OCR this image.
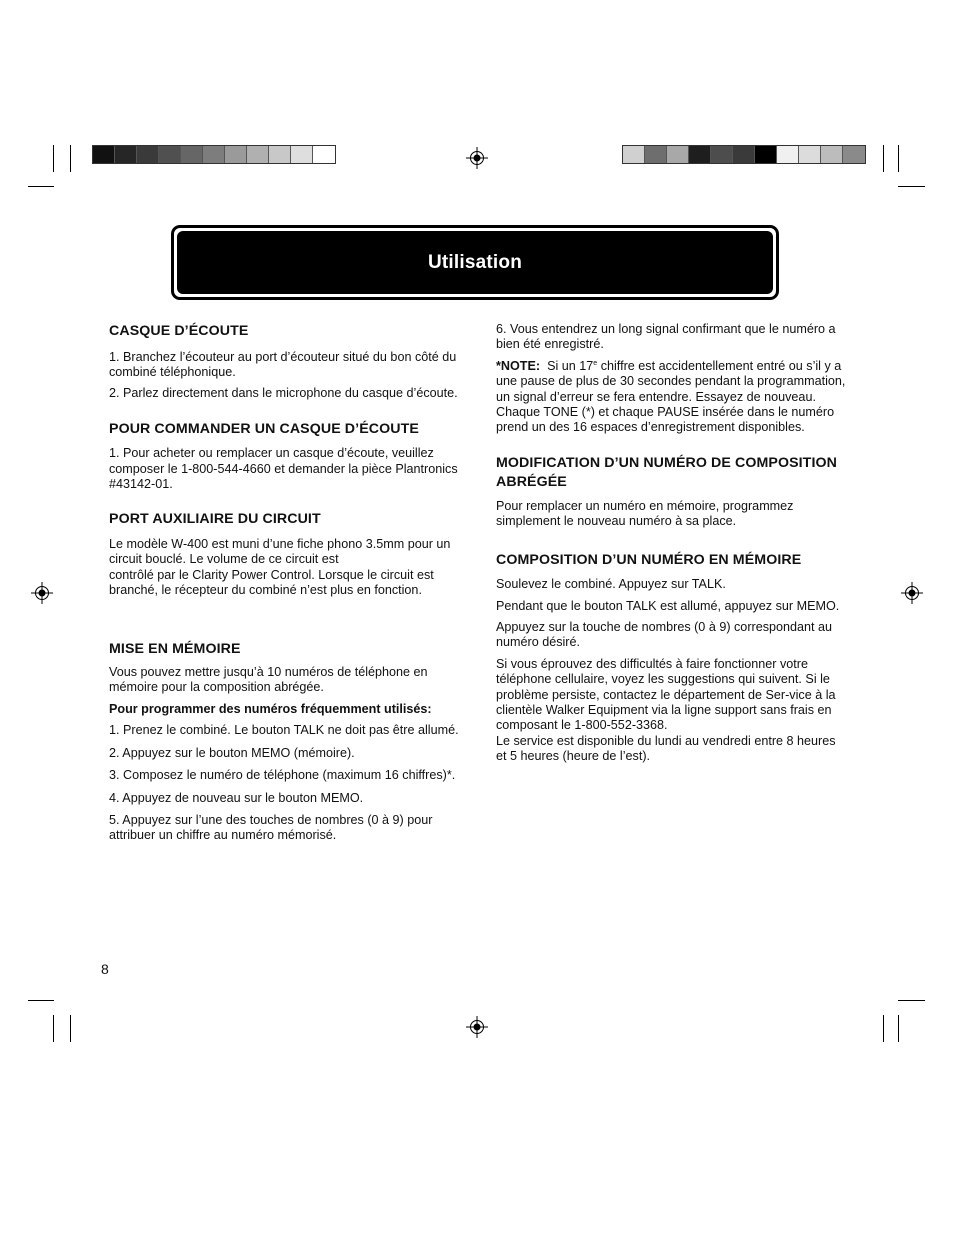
Utilisation
CASQUE D’ÉCOUTE

1. Branchez l’écouteur au port d’écouteur situé du bon côté du combiné téléphonique.

2. Parlez directement dans le microphone du casque d’écoute.

POUR COMMANDER UN CASQUE D’ÉCOUTE

1. Pour acheter ou remplacer un casque d’écoute, veuillez composer le 1-800-544-4660 et demander la pièce Plantronics #43142-01.

PORT AUXILIAIRE DU CIRCUIT

Le modèle W-400 est muni d’une fiche phono 3.5mm pour un circuit bouclé. Le volume de ce circuit est
contrôlé par le Clarity Power Control. Lorsque le circuit est branché, le récepteur du combiné n’est plus en fonction.

MISE EN MÉMOIRE

Vous pouvez mettre jusqu’à 10 numéros de téléphone en mémoire pour la composition abrégée.

Pour programmer des numéros fréquemment utilisés:

1. Prenez le combiné. Le bouton TALK ne doit pas être allumé.

2. Appuyez sur le bouton MEMO (mémoire).

3. Composez le numéro de téléphone (maximum 16 chiffres)*.

4. Appuyez de nouveau sur le bouton MEMO.

5. Appuyez sur l’une des touches de nombres (0 à 9) pour attribuer un chiffre au numéro mémorisé.

6. Vous entendrez un long signal confirmant que le numéro a bien été enregistré.

*NOTE: Si un 17e chiffre est accidentellement entré ou s’il y a une pause de plus de 30 secondes pendant la programmation, un signal d’erreur se fera entendre. Essayez de nouveau. Chaque TONE (*) et chaque PAUSE insérée dans le numéro prend un des 16 espaces d’enregistrement disponibles.

MODIFICATION D’UN NUMÉRO DE COMPOSITION ABRÉGÉE

Pour remplacer un numéro en mémoire, programmez simplement le nouveau numéro à sa place.

COMPOSITION D’UN NUMÉRO EN MÉMOIRE

Soulevez le combiné. Appuyez sur TALK.

Pendant que le bouton TALK est allumé, appuyez sur MEMO.

Appuyez sur la touche de nombres (0 à 9) correspondant au numéro désiré.

Si vous éprouvez des difficultés à faire fonctionner votre téléphone cellulaire, voyez les suggestions qui suivent. Si le problème persiste, contactez le département de Ser-vice à la clientèle Walker Equipment via la ligne support sans frais en composant le 1-800-552-3368.
Le service est disponible du lundi au vendredi entre 8 heures et 5 heures (heure de l’est).

8
